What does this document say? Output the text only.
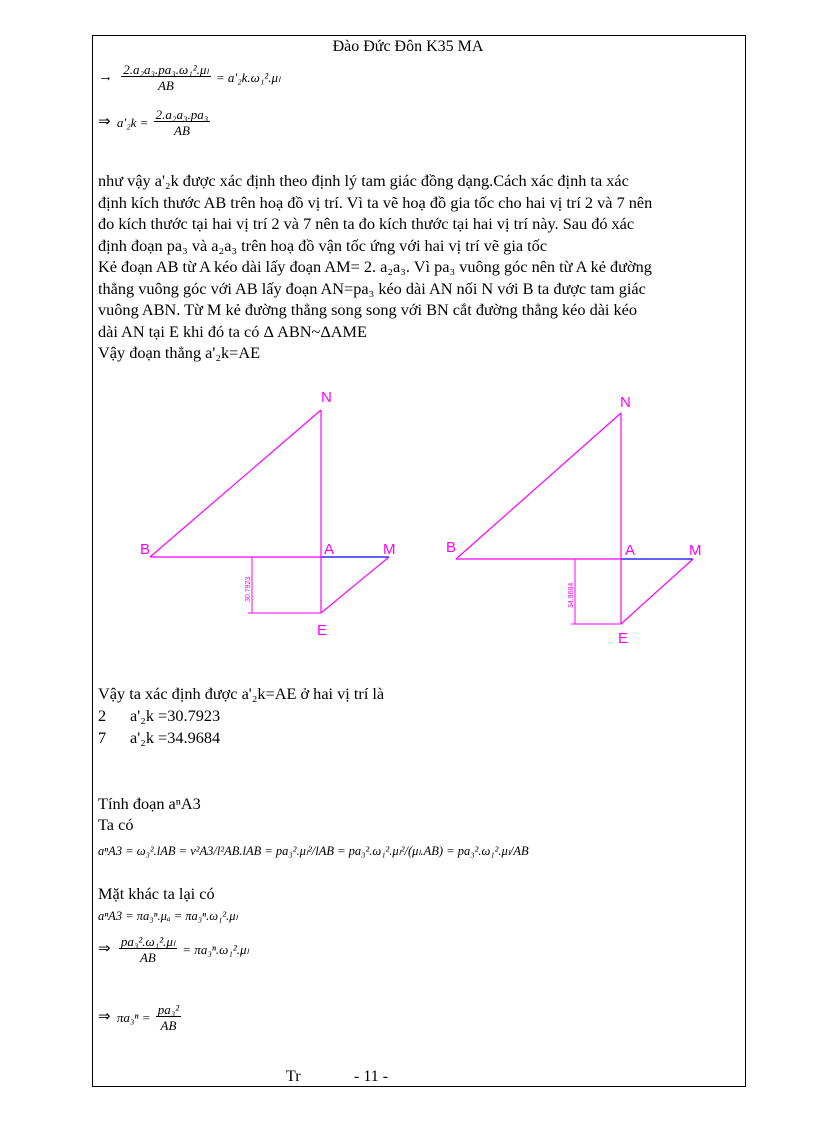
Đào Đức Đôn K35 MA
→ $\frac{\text{2.a₂a₃.pa₃.ω₁².μₗ}}{AB} = a'_2k.\omega_1^2.\mu_l$
⇒ $a'_2k = \frac{\text{2.a₂a₃.pa₃}}{AB}$
như vậy a'₂k được xác định theo định lý tam giác đồng dạng.Cách xác định ta xác
định kích thước AB trên hoạ đồ vị trí. Vì ta vẽ hoạ đồ gia tốc cho hai vị trí 2 và 7 nên
đo kích thước tại hai vị trí 2 và 7 nên ta đo kích thước tại hai vị trí này. Sau đó xác
định đoạn pa₃ và a₂a₃ trên hoạ đồ vận tốc ứng với hai vị trí vẽ gia tốc
Kẻ đoạn AB từ A kéo dài lấy đoạn AM= 2. a₂a₃. Vì pa₃ vuông góc nên từ A kẻ đường
thẳng vuông góc với AB lấy đoạn AN=pa₃ kéo dài AN nối N với B ta được tam giác
vuông ABN. Từ M kẻ đường thẳng song song với BN cắt đường thẳng kéo dài kéo
dài AN tại E khi đó ta có Δ ABN~ΔAME
Vậy đoạn thẳng a'₂k=AE
N
B	A	M
E
30.7923
N
B	A	M
E
34.9684
Vậy ta xác định được a'₂k=AE ở hai vị trí là
2 a'₂k =30.7923
7 a'₂k =34.9684
Tính đoạn aⁿA3
Ta có
aⁿA3 = ω₃².lAB = v²A3/l²AB.lAB = pa₃².μₗ²/lAB = pa₃².ω₁².μₗ²/(μₗ.AB) = pa₃².ω₁².μₗ/AB
Mặt khác ta lại có
aⁿA3 = πa₃ⁿ.μₐ = πa₃ⁿ.ω₁².μₗ
⇒ $\frac{\text{pa₃².ω₁².μₗ}}{AB} = \pi a_3^n.\omega_1^2.\mu_l$
⇒ $\pi a_3^n = \frac{\text{pa₃²}}{AB}$
Tr	- 11 -
